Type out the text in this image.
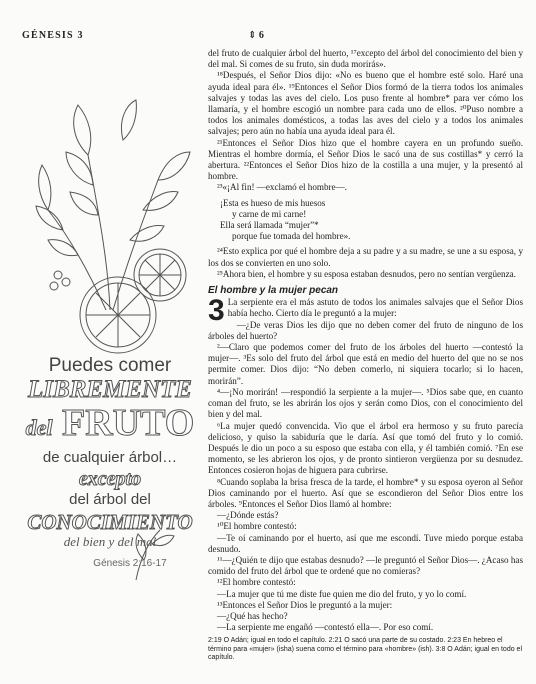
GÉNESIS 3	⇕ 6
Puedes comer
LIBREMENTE
del FRUTO
de cualquier árbol…
excepto
del árbol del
CONOCIMIENTO
del bien y del mal
Génesis 2:16-17

del fruto de cualquier árbol del huerto, ¹⁷excepto del árbol del conocimiento del bien y del mal. Si comes de su fruto, sin duda morirás».

¹⁸Después, el Señor Dios dijo: «No es bueno que el hombre esté solo. Haré una ayuda ideal para él». ¹⁹Entonces el Señor Dios formó de la tierra todos los animales salvajes y todas las aves del cielo. Los puso frente al hombre* para ver cómo los llamaría, y el hombre escogió un nombre para cada uno de ellos. ²⁰Puso nombre a todos los animales domésticos, a todas las aves del cielo y a todos los animales salvajes; pero aún no había una ayuda ideal para él.

²¹Entonces el Señor Dios hizo que el hombre cayera en un profundo sueño. Mientras el hombre dormía, el Señor Dios le sacó una de sus costillas* y cerró la abertura. ²²Entonces el Señor Dios hizo de la costilla a una mujer, y la presentó al hombre.

²³«¡Al fin! —exclamó el hombre—.

¡Esta es hueso de mis huesos
y carne de mi carne!
Ella será llamada “mujer”*
porque fue tomada del hombre».

²⁴Esto explica por qué el hombre deja a su padre y a su madre, se une a su esposa, y los dos se convierten en uno solo.

²⁵Ahora bien, el hombre y su esposa estaban desnudos, pero no sentían vergüenza.

El hombre y la mujer pecan

3 La serpiente era el más astuto de todos los animales salvajes que el Señor Dios había hecho. Cierto día le preguntó a la mujer:

—¿De veras Dios les dijo que no deben comer del fruto de ninguno de los árboles del huerto?

²—Claro que podemos comer del fruto de los árboles del huerto —contestó la mujer—. ³Es solo del fruto del árbol que está en medio del huerto del que no se nos permite comer. Dios dijo: “No deben comerlo, ni siquiera tocarlo; si lo hacen, morirán”.

⁴—¡No morirán! —respondió la serpiente a la mujer—. ⁵Dios sabe que, en cuanto coman del fruto, se les abrirán los ojos y serán como Dios, con el conocimiento del bien y del mal.

⁶La mujer quedó convencida. Vio que el árbol era hermoso y su fruto parecía delicioso, y quiso la sabiduría que le daría. Así que tomó del fruto y lo comió. Después le dio un poco a su esposo que estaba con ella, y él también comió. ⁷En ese momento, se les abrieron los ojos, y de pronto sintieron vergüenza por su desnudez. Entonces cosieron hojas de higuera para cubrirse.

⁸Cuando soplaba la brisa fresca de la tarde, el hombre* y su esposa oyeron al Señor Dios caminando por el huerto. Así que se escondieron del Señor Dios entre los árboles. ⁹Entonces el Señor Dios llamó al hombre:

—¿Dónde estás?

¹⁰El hombre contestó:

—Te oí caminando por el huerto, así que me escondí. Tuve miedo porque estaba desnudo.

¹¹—¿Quién te dijo que estabas desnudo? —le preguntó el Señor Dios—. ¿Acaso has comido del fruto del árbol que te ordené que no comieras?

¹²El hombre contestó:

—La mujer que tú me diste fue quien me dio del fruto, y yo lo comí.

¹³Entonces el Señor Dios le preguntó a la mujer:

—¿Qué has hecho?

—La serpiente me engañó —contestó ella—. Por eso comí.

2:19 O Adán; igual en todo el capítulo. 2:21 O sacó una parte de su costado. 2:23 En hebreo el término para «mujer» (isha) suena como el término para «hombre» (ish). 3:8 O Adán; igual en todo el capítulo.
